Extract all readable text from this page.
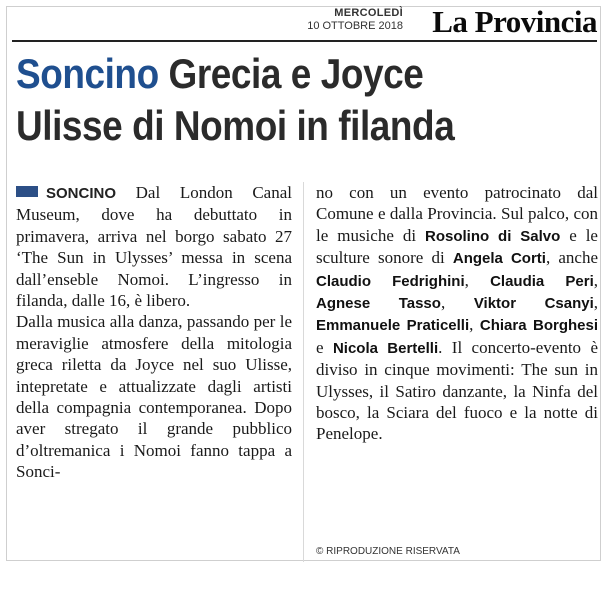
MERCOLEDÌ
10 OTTOBRE 2018 La Provincia
Soncino Grecia e Joyce
Ulisse di Nomoi in filanda

SONCINO Dal London Canal Museum, dove ha debuttato in primavera, arriva nel borgo sabato 27 ‘The Sun in Ulysses’ messa in scena dall’enseble Nomoi. L’ingresso in filanda, dalle 16, è libero.

Dalla musica alla danza, passando per le meraviglie atmosfere della mitologia greca riletta da Joyce nel suo Ulisse, intepretate e attualizzate dagli artisti della compagnia contemporanea. Dopo aver stregato il grande pubblico d’oltremanica i Nomoi fanno tappa a Sonci-

no con un evento patrocinato dal Comune e dalla Provincia. Sul palco, con le musiche di Rosolino di Salvo e le sculture sonore di Angela Corti, anche Claudio Fedrighini, Claudia Peri, Agnese Tasso, Viktor Csanyi, Emmanuele Praticelli, Chiara Borghesi e Nicola Bertelli. Il concerto-evento è diviso in cinque movimenti: The sun in Ulysses, il Satiro danzante, la Ninfa del bosco, la Sciara del fuoco e la notte di Penelope.

© RIPRODUZIONE RISERVATA
